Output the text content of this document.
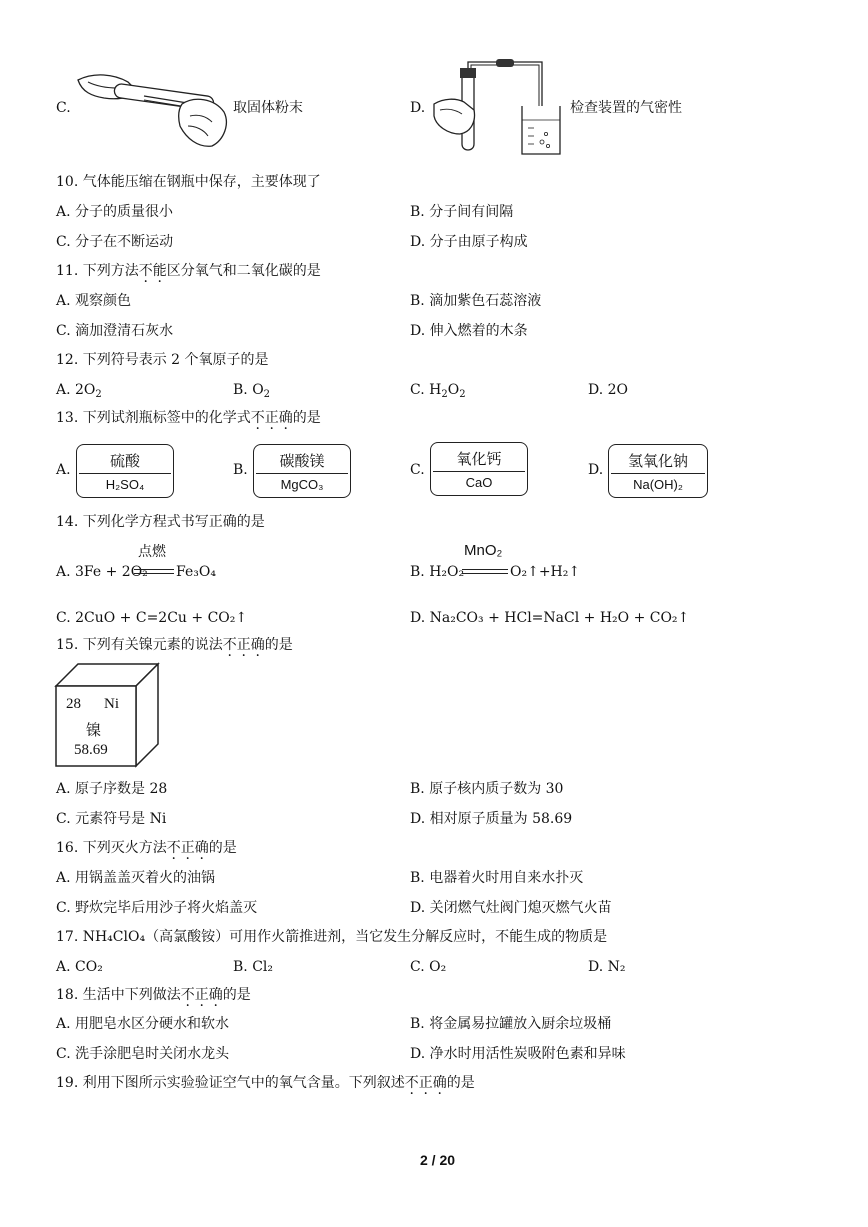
C.	取固体粉末	D.	检查装置的气密性
10. 气体能压缩在钢瓶中保存，主要体现了
A. 分子的质量很小	B. 分子间有间隔
C. 分子在不断运动	D. 分子由原子构成
11. 下列方法不能区分氧气和二氧化碳的是
A. 观察颜色	B. 滴加紫色石蕊溶液
C. 滴加澄清石灰水	D. 伸入燃着的木条
12. 下列符号表示 2 个氧原子的是
A. $2O_2$	B. $O_2$	C. $H_2O_2$	D. 2O
13. 下列试剂瓶标签中的化学式不正确的是
A.	硫酸
H₂SO₄
B.	碳酸镁
MgCO₃
C.
氧化钙
CaO
D.	氢氧化钠
Na(OH)₂
14. 下列化学方程式书写正确的是
A. 3Fe + 2O₂
点燃
Fe₃O₄	B. H₂O₂
MnO₂
O₂↑+H₂↑
C. 2CuO + C=2Cu + CO₂↑	D. Na₂CO₃ + HCl=NaCl + H₂O + CO₂↑
15. 下列有关镍元素的说法不正确的是
28 Ni
镍
58.69
A. 原子序数是 28	B. 原子核内质子数为 30
C. 元素符号是 Ni	D. 相对原子质量为 58.69
16. 下列灭火方法不正确的是
A. 用锅盖盖灭着火的油锅	B. 电器着火时用自来水扑灭
C. 野炊完毕后用沙子将火焰盖灭	D. 关闭燃气灶阀门熄灭燃气火苗
17. NH₄ClO₄（高氯酸铵）可用作火箭推进剂，当它发生分解反应时，不能生成的物质是
A. CO₂	B. Cl₂	C. O₂	D. N₂
18. 生活中下列做法不正确的是
A. 用肥皂水区分硬水和软水	B. 将金属易拉罐放入厨余垃圾桶
C. 洗手涂肥皂时关闭水龙头	D. 净水时用活性炭吸附色素和异味
19. 利用下图所示实验验证空气中的氧气含量。下列叙述不正确的是
2 / 20
